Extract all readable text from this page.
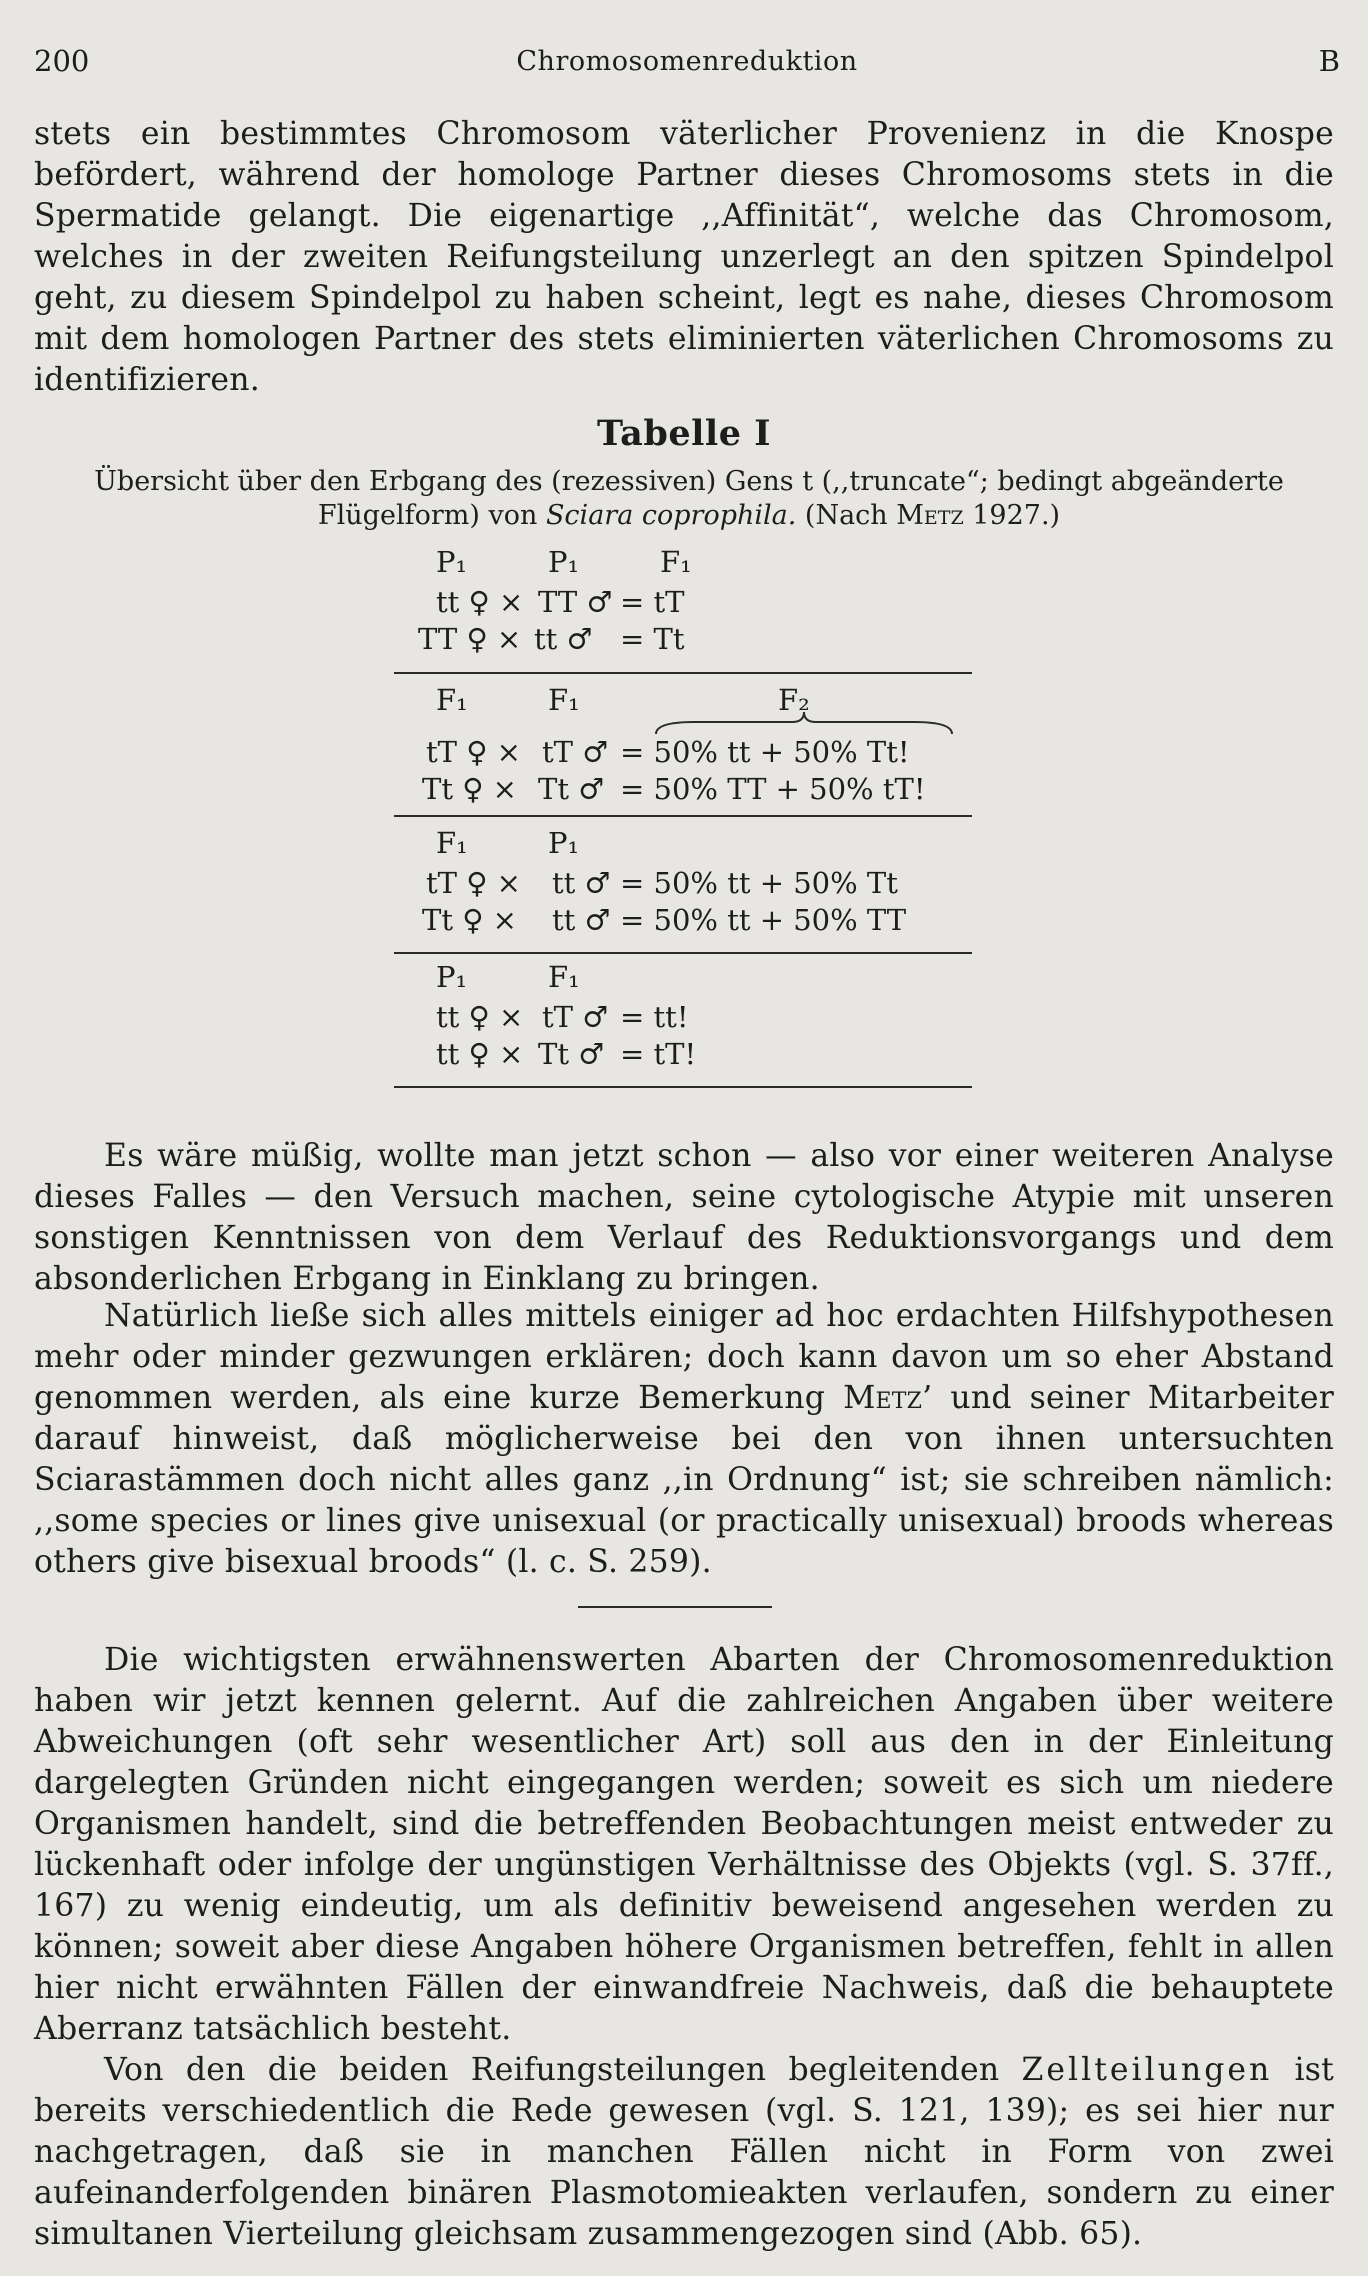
200	Chromosomenreduktion	B

stets ein bestimmtes Chromosom väterlicher Provenienz in die Knospe befördert, während der homologe Partner dieses Chromosoms stets in die Spermatide gelangt. Die eigenartige ,,Affinität“, welche das Chromosom, welches in der zweiten Reifungsteilung unzerlegt an den spitzen Spindelpol geht, zu diesem Spindelpol zu haben scheint, legt es nahe, dieses Chromosom mit dem homologen Partner des stets eliminierten väterlichen Chromosoms zu identifizieren.

Tabelle I
Übersicht über den Erbgang des (rezessiven) Gens t (,,truncate“; bedingt abgeänderte Flügelform) von Sciara coprophila. (Nach Metz 1927.)
P₁	P₁	F₁
tt ♀ × TT ♂ = tT
TT ♀ × tt ♂ = Tt
F₁	F₁	F₂
tT ♀ × tT ♂ = 50% tt + 50% Tt!
Tt ♀ × Tt ♂ = 50% TT + 50% tT!
F₁	P₁
tT ♀ × tt ♂ = 50% tt + 50% Tt
Tt ♀ × tt ♂ = 50% tt + 50% TT
P₁	F₁
tt ♀ × tT ♂ = tt!
tt ♀ × Tt ♂ = tT!

Es wäre müßig, wollte man jetzt schon — also vor einer weiteren Analyse dieses Falles — den Versuch machen, seine cytologische Atypie mit unseren sonstigen Kenntnissen von dem Verlauf des Reduktionsvorgangs und dem absonderlichen Erbgang in Einklang zu bringen.

Natürlich ließe sich alles mittels einiger ad hoc erdachten Hilfshypothesen mehr oder minder gezwungen erklären; doch kann davon um so eher Abstand genommen werden, als eine kurze Bemerkung Metz’ und seiner Mitarbeiter darauf hinweist, daß möglicherweise bei den von ihnen untersuchten Sciarastämmen doch nicht alles ganz ,,in Ordnung“ ist; sie schreiben nämlich: ,,some species or lines give unisexual (or practically unisexual) broods whereas others give bisexual broods“ (l. c. S. 259).

Die wichtigsten erwähnenswerten Abarten der Chromosomenreduktion haben wir jetzt kennen gelernt. Auf die zahlreichen Angaben über weitere Abweichungen (oft sehr wesentlicher Art) soll aus den in der Einleitung dargelegten Gründen nicht eingegangen werden; soweit es sich um niedere Organismen handelt, sind die betreffenden Beobachtungen meist entweder zu lückenhaft oder infolge der ungünstigen Verhältnisse des Objekts (vgl. S. 37ff., 167) zu wenig eindeutig, um als definitiv beweisend angesehen werden zu können; soweit aber diese Angaben höhere Organismen betreffen, fehlt in allen hier nicht erwähnten Fällen der einwandfreie Nachweis, daß die behauptete Aberranz tatsächlich besteht.

Von den die beiden Reifungsteilungen begleitenden Zellteilungen ist bereits verschiedentlich die Rede gewesen (vgl. S. 121, 139); es sei hier nur nachgetragen, daß sie in manchen Fällen nicht in Form von zwei aufeinanderfolgenden binären Plasmotomieakten verlaufen, sondern zu einer simultanen Vierteilung gleichsam zusammengezogen sind (Abb. 65).
